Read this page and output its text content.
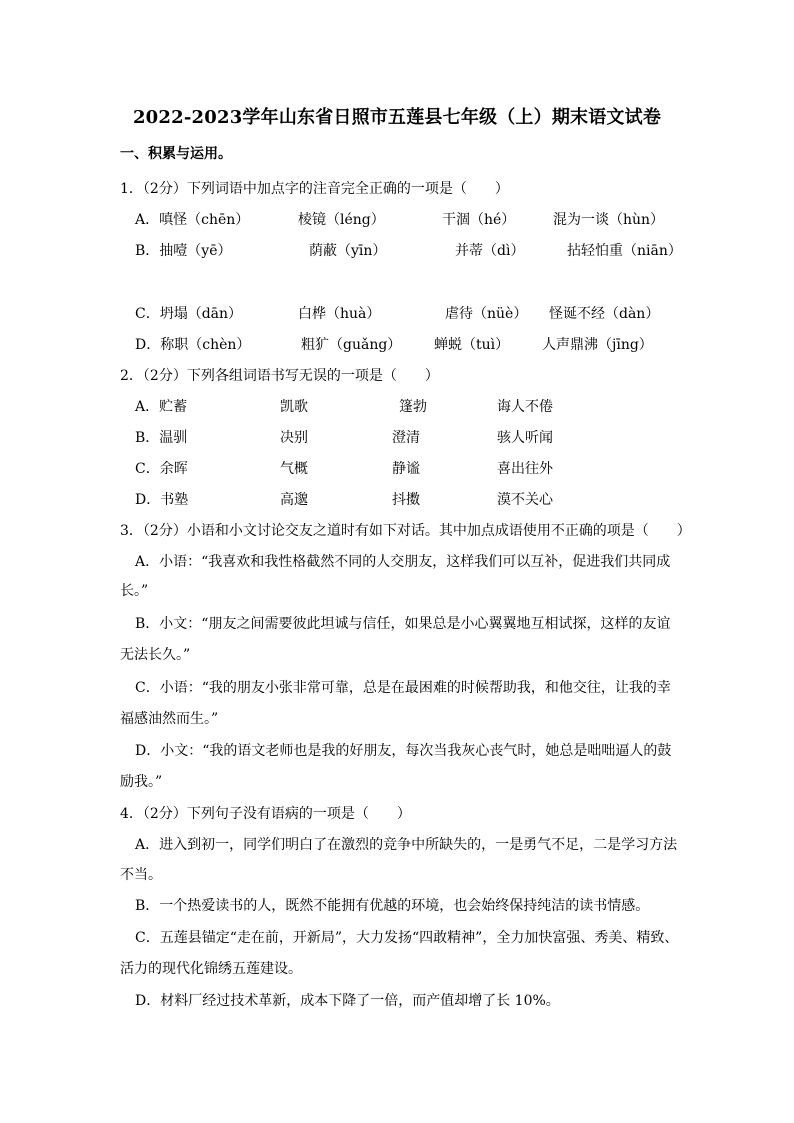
2022-2023学年山东省日照市五莲县七年级（上）期末语文试卷
一、积累与运用。
1．（2分）下列词语中加点字的注音完全正确的一项是（　　）
A．嗔怪（chēn）	棱镜（léng）	干涸（hé）	混为一谈（hùn）
B．抽噎（yē）	荫蔽（yīn）	并蒂（dì）	拈轻怕重（niān）
C．坍塌（dān）	白桦（huà）	虐待（nüè） 怪诞不经（dàn）
D．称职（chèn）	粗犷（guǎng） 蝉蜕（tuì） 人声鼎沸（jīng）
2．（2分）下列各组词语书写无误的一项是（　　）
A．贮蓄	凯歌	篷勃	诲人不倦
B．温驯	决别	澄清	骇人听闻
C．余晖	气概	静谧	喜出往外
D．书塾	高邈	抖擞	漠不关心
3．（2分）小语和小文讨论交友之道时有如下对话。其中加点成语使用不正确的项是（　　）
A．小语：“我喜欢和我性格截然不同的人交朋友，这样我们可以互补，促进我们共同成
长。”
B．小文：“朋友之间需要彼此坦诚与信任，如果总是小心翼翼地互相试探，这样的友谊
无法长久。”
C．小语：“我的朋友小张非常可靠，总是在最困难的时候帮助我，和他交往，让我的幸
福感油然而生。”
D．小文：“我的语文老师也是我的好朋友，每次当我灰心丧气时，她总是咄咄逼人的鼓
励我。”
4．（2分）下列句子没有语病的一项是（　　）
A．进入到初一，同学们明白了在激烈的竞争中所缺失的，一是勇气不足，二是学习方法
不当。
B．一个热爱读书的人，既然不能拥有优越的环境，也会始终保持纯洁的读书情感。
C．五莲县锚定“走在前，开新局”，大力发扬“四敢精神”，全力加快富强、秀美、精致、
活力的现代化锦绣五莲建设。
D．材料厂经过技术革新，成本下降了一倍，而产值却增了长 10%。
